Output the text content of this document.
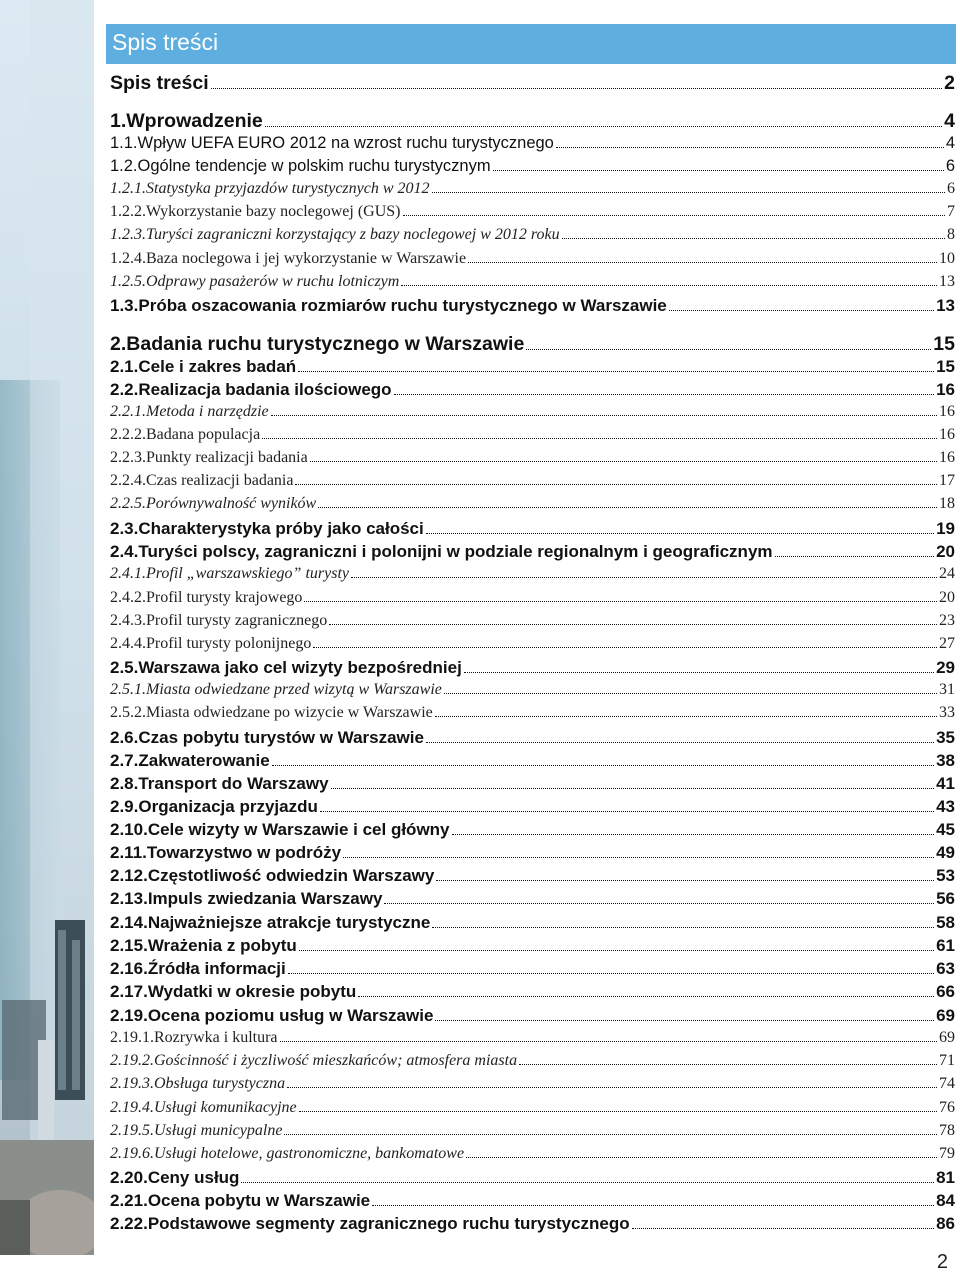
Spis treści
Spis treści	2
1. Wprowadzenie	4
1.1. Wpływ UEFA EURO 2012 na wzrost ruchu turystycznego	4
1.2. Ogólne tendencje w polskim ruchu turystycznym	6
1.2.1. Statystyka przyjazdów turystycznych w 2012	6
1.2.2. Wykorzystanie bazy noclegowej (GUS)	7
1.2.3. Turyści zagraniczni korzystający z bazy noclegowej w 2012 roku	8
1.2.4. Baza noclegowa i jej wykorzystanie w Warszawie	10
1.2.5. Odprawy pasażerów w ruchu lotniczym	13
1.3. Próba oszacowania rozmiarów ruchu turystycznego w Warszawie	13
2. Badania ruchu turystycznego w Warszawie	15
2.1. Cele i zakres badań	15
2.2. Realizacja badania ilościowego	16
2.2.1. Metoda i narzędzie	16
2.2.2. Badana populacja	16
2.2.3. Punkty realizacji badania	16
2.2.4. Czas realizacji badania	17
2.2.5. Porównywalność wyników	18
2.3. Charakterystyka próby jako całości	19
2.4. Turyści polscy, zagraniczni i polonijni w podziale regionalnym i geograficznym	20
2.4.1. Profil „warszawskiego” turysty	24
2.4.2. Profil turysty krajowego	20
2.4.3. Profil turysty zagranicznego	23
2.4.4. Profil turysty polonijnego	27
2.5. Warszawa jako cel wizyty bezpośredniej	29
2.5.1. Miasta odwiedzane przed wizytą w Warszawie	31
2.5.2. Miasta odwiedzane po wizycie w Warszawie	33
2.6. Czas pobytu turystów w Warszawie	35
2.7. Zakwaterowanie	38
2.8. Transport do Warszawy	41
2.9. Organizacja przyjazdu	43
2.10. Cele wizyty w Warszawie i cel główny	45
2.11. Towarzystwo w podróży	49
2.12. Częstotliwość odwiedzin Warszawy	53
2.13. Impuls zwiedzania Warszawy	56
2.14. Najważniejsze atrakcje turystyczne	58
2.15. Wrażenia z pobytu	61
2.16. Źródła informacji	63
2.17. Wydatki w okresie pobytu	66
2.19. Ocena poziomu usług w Warszawie	69
2.19.1. Rozrywka i kultura	69
2.19.2. Gościnność i życzliwość mieszkańców; atmosfera miasta	71
2.19.3. Obsługa turystyczna	74
2.19.4. Usługi komunikacyjne	76
2.19.5. Usługi municypalne	78
2.19.6. Usługi hotelowe, gastronomiczne, bankomatowe	79
2.20. Ceny usług	81
2.21. Ocena pobytu w Warszawie	84
2.22. Podstawowe segmenty zagranicznego ruchu turystycznego	86
2
